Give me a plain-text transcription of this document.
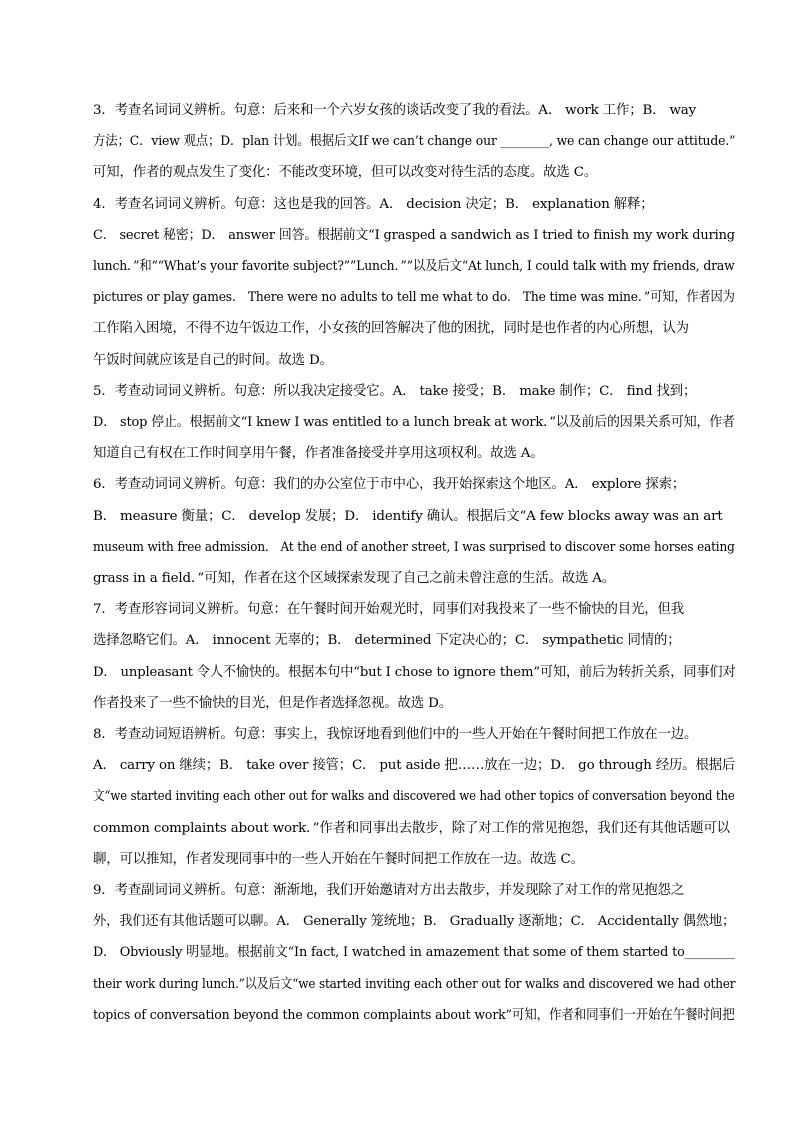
3．考查名词词义辨析。句意：后来和一个六岁女孩的谈话改变了我的看法。A． work 工作；B． way
方法；C．view 观点；D．plan 计划。根据后文If we can’t change our ________, we can change our attitude.”
可知，作者的观点发生了变化：不能改变环境，但可以改变对待生活的态度。故选 C。
4．考查名词词义辨析。句意：这也是我的回答。A． decision 决定；B． explanation 解释；
C． secret 秘密；D． answer 回答。根据前文“I grasped a sandwich as I tried to finish my work during
lunch．”和““What’s your favorite subject?””Lunch．””以及后文“At lunch, I could talk with my friends, draw
pictures or play games． There were no adults to tell me what to do． The time was mine．”可知，作者因为
工作陷入困境，不得不边午饭边工作，小女孩的回答解决了他的困扰，同时是也作者的内心所想，认为
午饭时间就应该是自己的时间。故选 D。
5．考查动词词义辨析。句意：所以我决定接受它。A． take 接受；B． make 制作；C． find 找到；
D． stop 停止。根据前文“I knew I was entitled to a lunch break at work．”以及前后的因果关系可知，作者
知道自己有权在工作时间享用午餐，作者准备接受并享用这项权利。故选 A。
6．考查动词词义辨析。句意：我们的办公室位于市中心，我开始探索这个地区。A． explore 探索；
B． measure 衡量；C． develop 发展；D． identify 确认。根据后文“A few blocks away was an art
museum with free admission． At the end of another street, I was surprised to discover some horses eating
grass in a field．”可知，作者在这个区域探索发现了自己之前未曾注意的生活。故选 A。
7．考查形容词词义辨析。句意：在午餐时间开始观光时，同事们对我投来了一些不愉快的目光，但我
选择忽略它们。A． innocent 无辜的；B． determined 下定决心的；C． sympathetic 同情的；
D． unpleasant 令人不愉快的。根据本句中“but I chose to ignore them”可知，前后为转折关系，同事们对
作者投来了一些不愉快的目光，但是作者选择忽视。故选 D。
8．考查动词短语辨析。句意：事实上，我惊讶地看到他们中的一些人开始在午餐时间把工作放在一边。
A． carry on 继续；B． take over 接管；C． put aside 把……放在一边；D． go through 经历。根据后
文“we started inviting each other out for walks and discovered we had other topics of conversation beyond the
common complaints about work．”作者和同事出去散步，除了对工作的常见抱怨，我们还有其他话题可以
聊，可以推知，作者发现同事中的一些人开始在午餐时间把工作放在一边。故选 C。
9．考查副词词义辨析。句意：渐渐地，我们开始邀请对方出去散步，并发现除了对工作的常见抱怨之
外，我们还有其他话题可以聊。A． Generally 笼统地；B． Gradually 逐渐地；C． Accidentally 偶然地；
D． Obviously 明显地。根据前文“In fact, I watched in amazement that some of them started to________
their work during lunch.”以及后文“we started inviting each other out for walks and discovered we had other
topics of conversation beyond the common complaints about work”可知，作者和同事们一开始在午餐时间把
